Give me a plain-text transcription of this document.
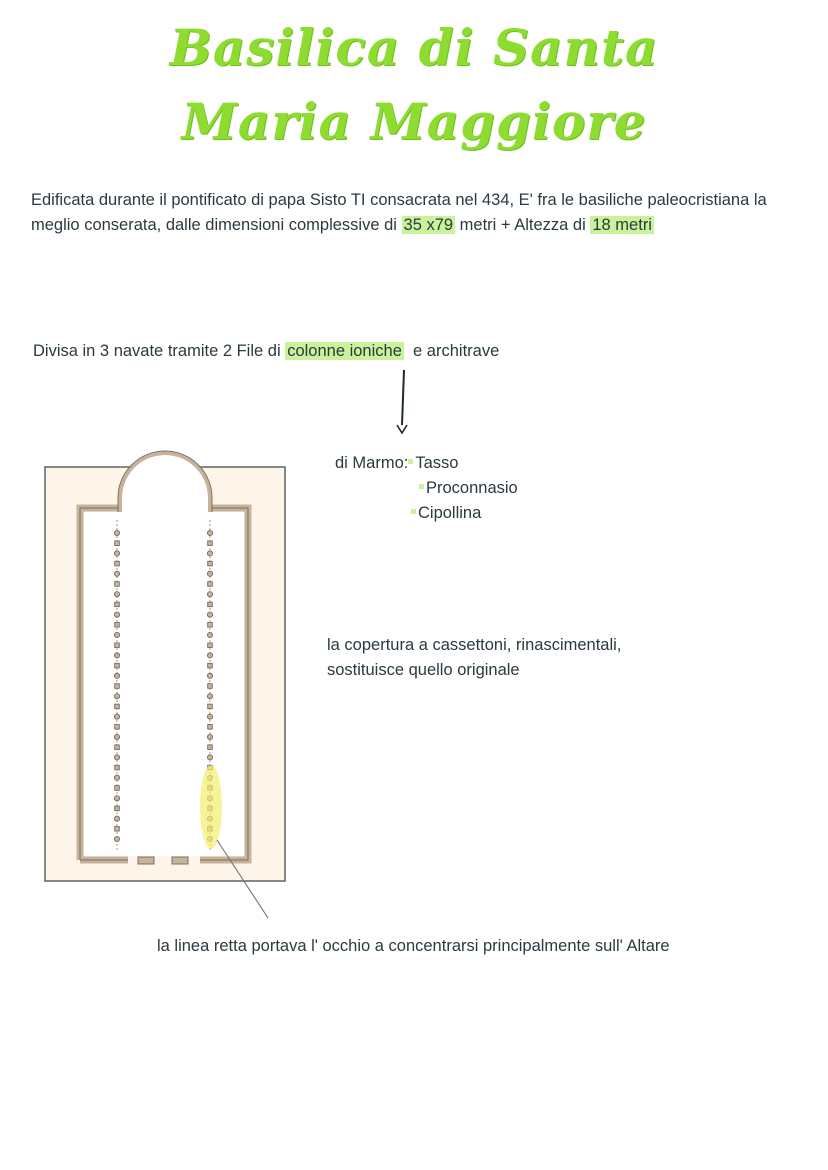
Basilica di Santa
Maria Maggiore

Edificata durante il pontificato di papa Sisto TI consacrata nel 434, E' fra le basiliche paleocristiana la meglio conserata, dalle dimensioni complessive di 35 x79 metri + Altezza di 18 metri

Divisa in 3 navate tramite 2 File di colonne ioniche e architrave

di Marmo: Tasso
Proconnasio
Cipollina

la copertura a cassettoni, rinascimentali,
sostituisce quello originale

la linea retta portava l' occhio a concentrarsi principalmente sull' Altare
